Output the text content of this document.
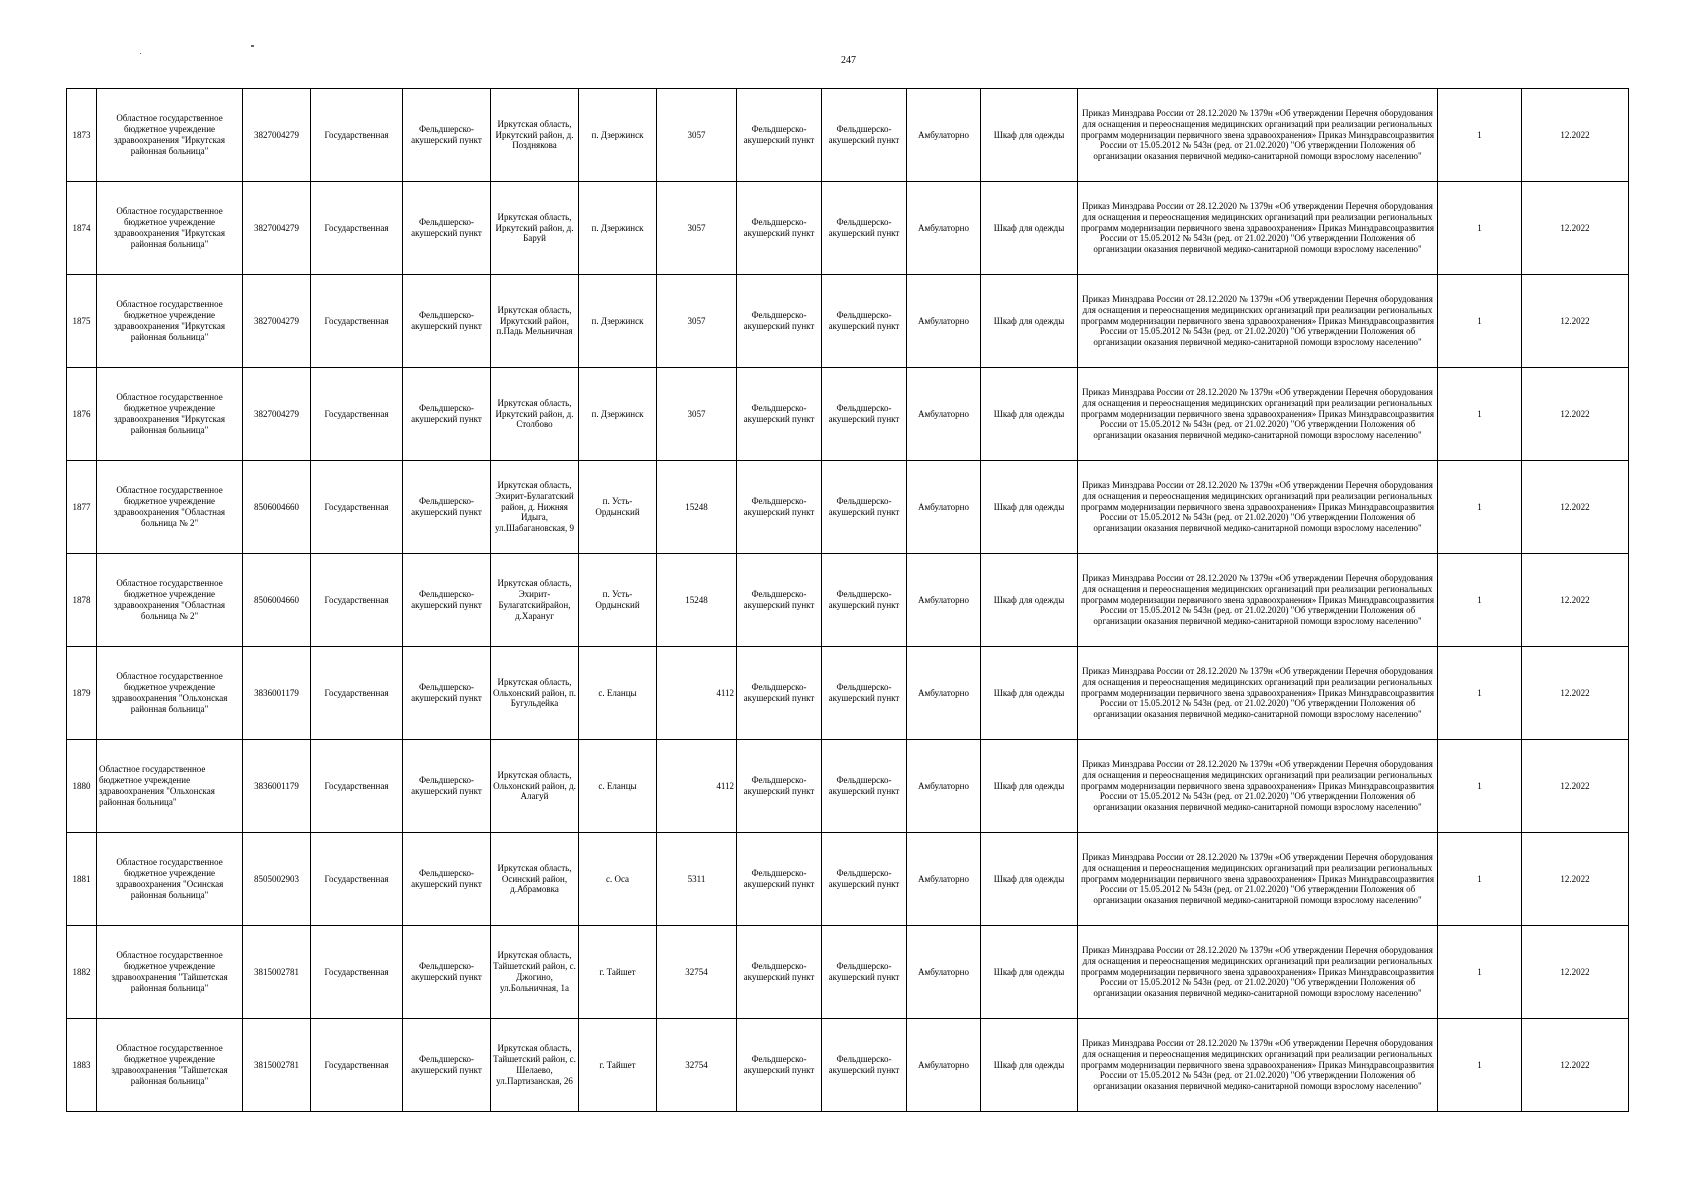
247
1873	Областное государственное бюджетное учреждение здравоохранения "Иркутская районная больница"	3827004279	Государственная	Фельдшерско-акушерский пункт	Иркутская область, Иркутский район, д. Позднякова	п. Дзержинск	3057	Фельдшерско-акушерский пункт	Фельдшерско-акушерский пункт	Амбулаторно	Шкаф для одежды	Приказ Минздрава России от 28.12.2020 № 1379н «Об утверждении Перечня оборудования для оснащения и переоснащения медицинских организаций при реализации региональных программ модернизации первичного звена здравоохранения» Приказ Минздравсоцразвития России от 15.05.2012 № 543н (ред. от 21.02.2020) "Об утверждении Положения об организации оказания первичной медико-санитарной помощи взрослому населению"	1	12.2022
1874	Областное государственное бюджетное учреждение здравоохранения "Иркутская районная больница"	3827004279	Государственная	Фельдшерско-акушерский пункт	Иркутская область, Иркутский район, д. Баруй	п. Дзержинск	3057	Фельдшерско-акушерский пункт	Фельдшерско-акушерский пункт	Амбулаторно	Шкаф для одежды	Приказ Минздрава России от 28.12.2020 № 1379н «Об утверждении Перечня оборудования для оснащения и переоснащения медицинских организаций при реализации региональных программ модернизации первичного звена здравоохранения» Приказ Минздравсоцразвития России от 15.05.2012 № 543н (ред. от 21.02.2020) "Об утверждении Положения об организации оказания первичной медико-санитарной помощи взрослому населению"	1	12.2022
1875	Областное государственное бюджетное учреждение здравоохранения "Иркутская районная больница"	3827004279	Государственная	Фельдшерско-акушерский пункт	Иркутская область, Иркутский район, п.Падь Мельничная	п. Дзержинск	3057	Фельдшерско-акушерский пункт	Фельдшерско-акушерский пункт	Амбулаторно	Шкаф для одежды	Приказ Минздрава России от 28.12.2020 № 1379н «Об утверждении Перечня оборудования для оснащения и переоснащения медицинских организаций при реализации региональных программ модернизации первичного звена здравоохранения» Приказ Минздравсоцразвития России от 15.05.2012 № 543н (ред. от 21.02.2020) "Об утверждении Положения об организации оказания первичной медико-санитарной помощи взрослому населению"	1	12.2022
1876	Областное государственное бюджетное учреждение здравоохранения "Иркутская районная больница"	3827004279	Государственная	Фельдшерско-акушерский пункт	Иркутская область, Иркутский район, д. Столбово	п. Дзержинск	3057	Фельдшерско-акушерский пункт	Фельдшерско-акушерский пункт	Амбулаторно	Шкаф для одежды	Приказ Минздрава России от 28.12.2020 № 1379н «Об утверждении Перечня оборудования для оснащения и переоснащения медицинских организаций при реализации региональных программ модернизации первичного звена здравоохранения» Приказ Минздравсоцразвития России от 15.05.2012 № 543н (ред. от 21.02.2020) "Об утверждении Положения об организации оказания первичной медико-санитарной помощи взрослому населению"	1	12.2022
1877	Областное государственное бюджетное учреждение здравоохранения "Областная больница № 2"	8506004660	Государственная	Фельдшерско-акушерский пункт	Иркутская область, Эхирит-Булагатский район, д. Нижняя Идыга, ул.Шабагановская, 9	п. Усть-Ордынский	15248	Фельдшерско-акушерский пункт	Фельдшерско-акушерский пункт	Амбулаторно	Шкаф для одежды	Приказ Минздрава России от 28.12.2020 № 1379н «Об утверждении Перечня оборудования для оснащения и переоснащения медицинских организаций при реализации региональных программ модернизации первичного звена здравоохранения» Приказ Минздравсоцразвития России от 15.05.2012 № 543н (ред. от 21.02.2020) "Об утверждении Положения об организации оказания первичной медико-санитарной помощи взрослому населению"	1	12.2022
1878	Областное государственное бюджетное учреждение здравоохранения "Областная больница № 2"	8506004660	Государственная	Фельдшерско-акушерский пункт	Иркутская область, Эхирит-Булагатскийрайон, д.Харануг	п. Усть-Ордынский	15248	Фельдшерско-акушерский пункт	Фельдшерско-акушерский пункт	Амбулаторно	Шкаф для одежды	Приказ Минздрава России от 28.12.2020 № 1379н «Об утверждении Перечня оборудования для оснащения и переоснащения медицинских организаций при реализации региональных программ модернизации первичного звена здравоохранения» Приказ Минздравсоцразвития России от 15.05.2012 № 543н (ред. от 21.02.2020) "Об утверждении Положения об организации оказания первичной медико-санитарной помощи взрослому населению"	1	12.2022
1879	Областное государственное бюджетное учреждение здравоохранения "Ольхонская районная больница"	3836001179	Государственная	Фельдшерско-акушерский пункт	Иркутская область, Ольхонский район, п. Бугульдейка	с. Еланцы	4112	Фельдшерско-акушерский пункт	Фельдшерско-акушерский пункт	Амбулаторно	Шкаф для одежды	Приказ Минздрава России от 28.12.2020 № 1379н «Об утверждении Перечня оборудования для оснащения и переоснащения медицинских организаций при реализации региональных программ модернизации первичного звена здравоохранения» Приказ Минздравсоцразвития России от 15.05.2012 № 543н (ред. от 21.02.2020) "Об утверждении Положения об организации оказания первичной медико-санитарной помощи взрослому населению"	1	12.2022
1880	Областное государственное бюджетное учреждение здравоохранения "Ольхонская районная больница"	3836001179	Государственная	Фельдшерско-акушерский пункт	Иркутская область, Ольхонский район, д. Алагуй	с. Еланцы	4112	Фельдшерско-акушерский пункт	Фельдшерско-акушерский пункт	Амбулаторно	Шкаф для одежды	Приказ Минздрава России от 28.12.2020 № 1379н «Об утверждении Перечня оборудования для оснащения и переоснащения медицинских организаций при реализации региональных программ модернизации первичного звена здравоохранения» Приказ Минздравсоцразвития России от 15.05.2012 № 543н (ред. от 21.02.2020) "Об утверждении Положения об организации оказания первичной медико-санитарной помощи взрослому населению"	1	12.2022
1881	Областное государственное бюджетное учреждение здравоохранения "Осинская районная больница"	8505002903	Государственная	Фельдшерско-акушерский пункт	Иркутская область, Осинский район, д.Абрамовка	с. Оса	5311	Фельдшерско-акушерский пункт	Фельдшерско-акушерский пункт	Амбулаторно	Шкаф для одежды	Приказ Минздрава России от 28.12.2020 № 1379н «Об утверждении Перечня оборудования для оснащения и переоснащения медицинских организаций при реализации региональных программ модернизации первичного звена здравоохранения» Приказ Минздравсоцразвития России от 15.05.2012 № 543н (ред. от 21.02.2020) "Об утверждении Положения об организации оказания первичной медико-санитарной помощи взрослому населению"	1	12.2022
1882	Областное государственное бюджетное учреждение здравоохранения "Тайшетская районная больница"	3815002781	Государственная	Фельдшерско-акушерский пункт	Иркутская область, Тайшетский район, с. Джогино, ул.Больничная, 1а	г. Тайшет	32754	Фельдшерско-акушерский пункт	Фельдшерско-акушерский пункт	Амбулаторно	Шкаф для одежды	Приказ Минздрава России от 28.12.2020 № 1379н «Об утверждении Перечня оборудования для оснащения и переоснащения медицинских организаций при реализации региональных программ модернизации первичного звена здравоохранения» Приказ Минздравсоцразвития России от 15.05.2012 № 543н (ред. от 21.02.2020) "Об утверждении Положения об организации оказания первичной медико-санитарной помощи взрослому населению"	1	12.2022
1883	Областное государственное бюджетное учреждение здравоохранения "Тайшетская районная больница"	3815002781	Государственная	Фельдшерско-акушерский пункт	Иркутская область, Тайшетский район, с. Шелаево, ул.Партизанская, 26	г. Тайшет	32754	Фельдшерско-акушерский пункт	Фельдшерско-акушерский пункт	Амбулаторно	Шкаф для одежды	Приказ Минздрава России от 28.12.2020 № 1379н «Об утверждении Перечня оборудования для оснащения и переоснащения медицинских организаций при реализации региональных программ модернизации первичного звена здравоохранения» Приказ Минздравсоцразвития России от 15.05.2012 № 543н (ред. от 21.02.2020) "Об утверждении Положения об организации оказания первичной медико-санитарной помощи взрослому населению"	1	12.2022
